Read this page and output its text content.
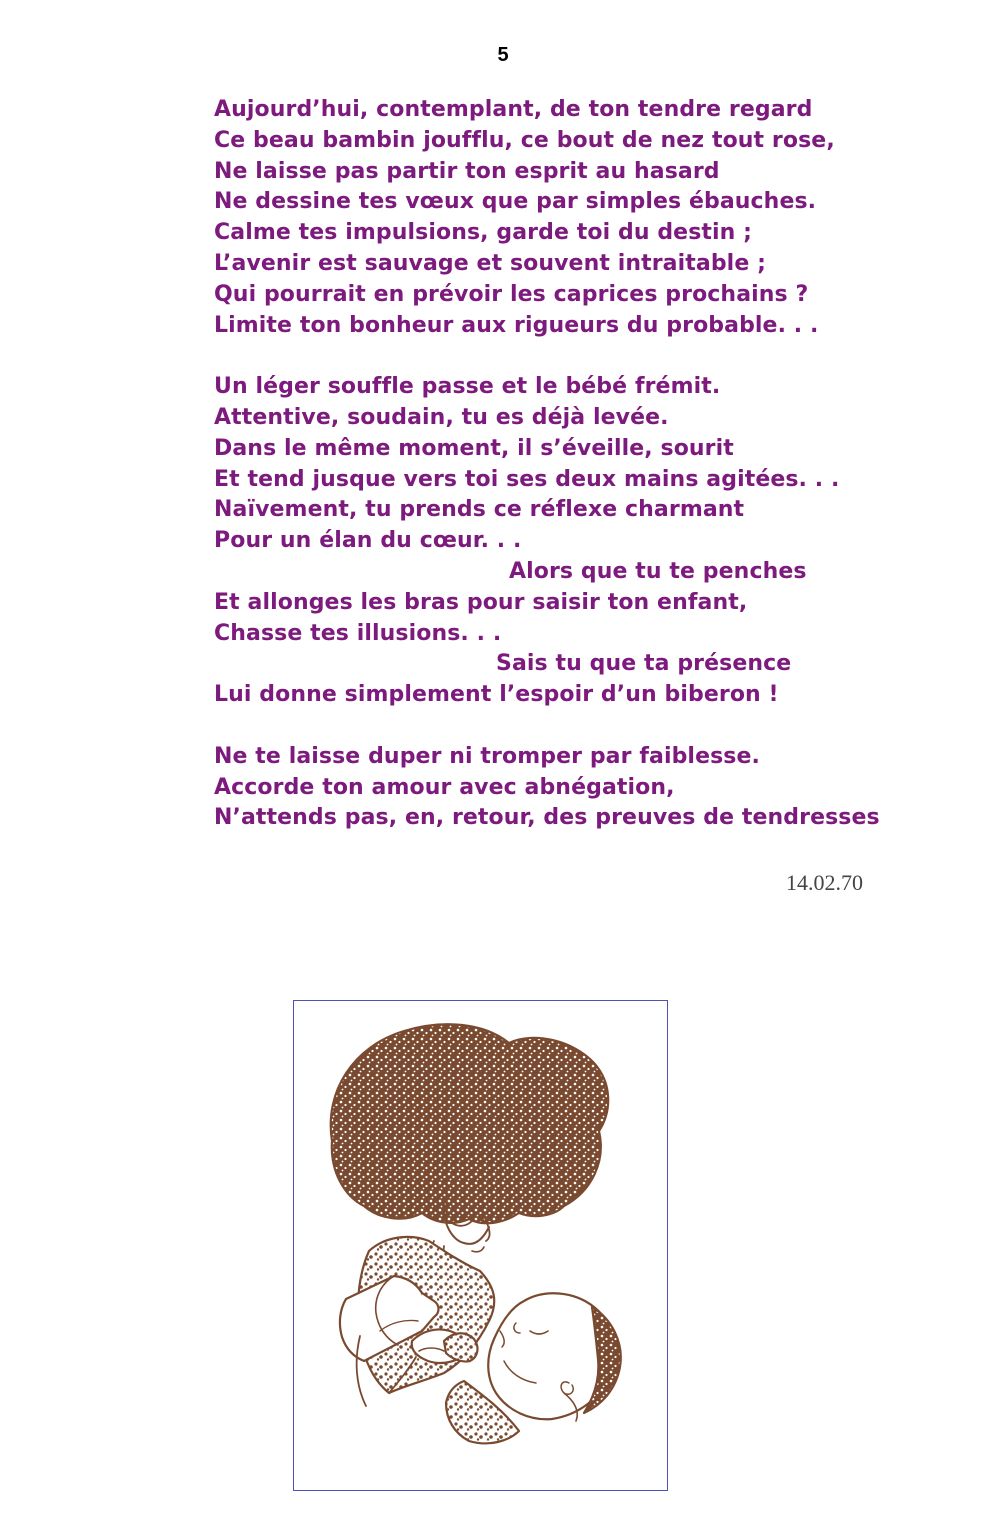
5
Aujourd’hui, contemplant, de ton tendre regard
Ce beau bambin joufflu, ce bout de nez tout rose,
Ne laisse pas partir ton esprit au hasard
Ne dessine tes vœux que par simples ébauches.
Calme tes impulsions, garde toi du destin ;
L’avenir est sauvage et souvent intraitable ;
Qui pourrait en prévoir les caprices prochains ?
Limite ton bonheur aux rigueurs du probable. . .
Un léger souffle passe et le bébé frémit.
Attentive, soudain, tu es déjà levée.
Dans le même moment, il s’éveille, sourit
Et tend jusque vers toi ses deux mains agitées. . .
Naïvement, tu prends ce réflexe charmant
Pour un élan du cœur. . .
Alors que tu te penches
Et allonges les bras pour saisir ton enfant,
Chasse tes illusions. . .
Sais tu que ta présence
Lui donne simplement l’espoir d’un biberon !
Ne te laisse duper ni tromper par faiblesse.
Accorde ton amour avec abnégation,
N’attends pas, en, retour, des preuves de tendresses
14.02.70
